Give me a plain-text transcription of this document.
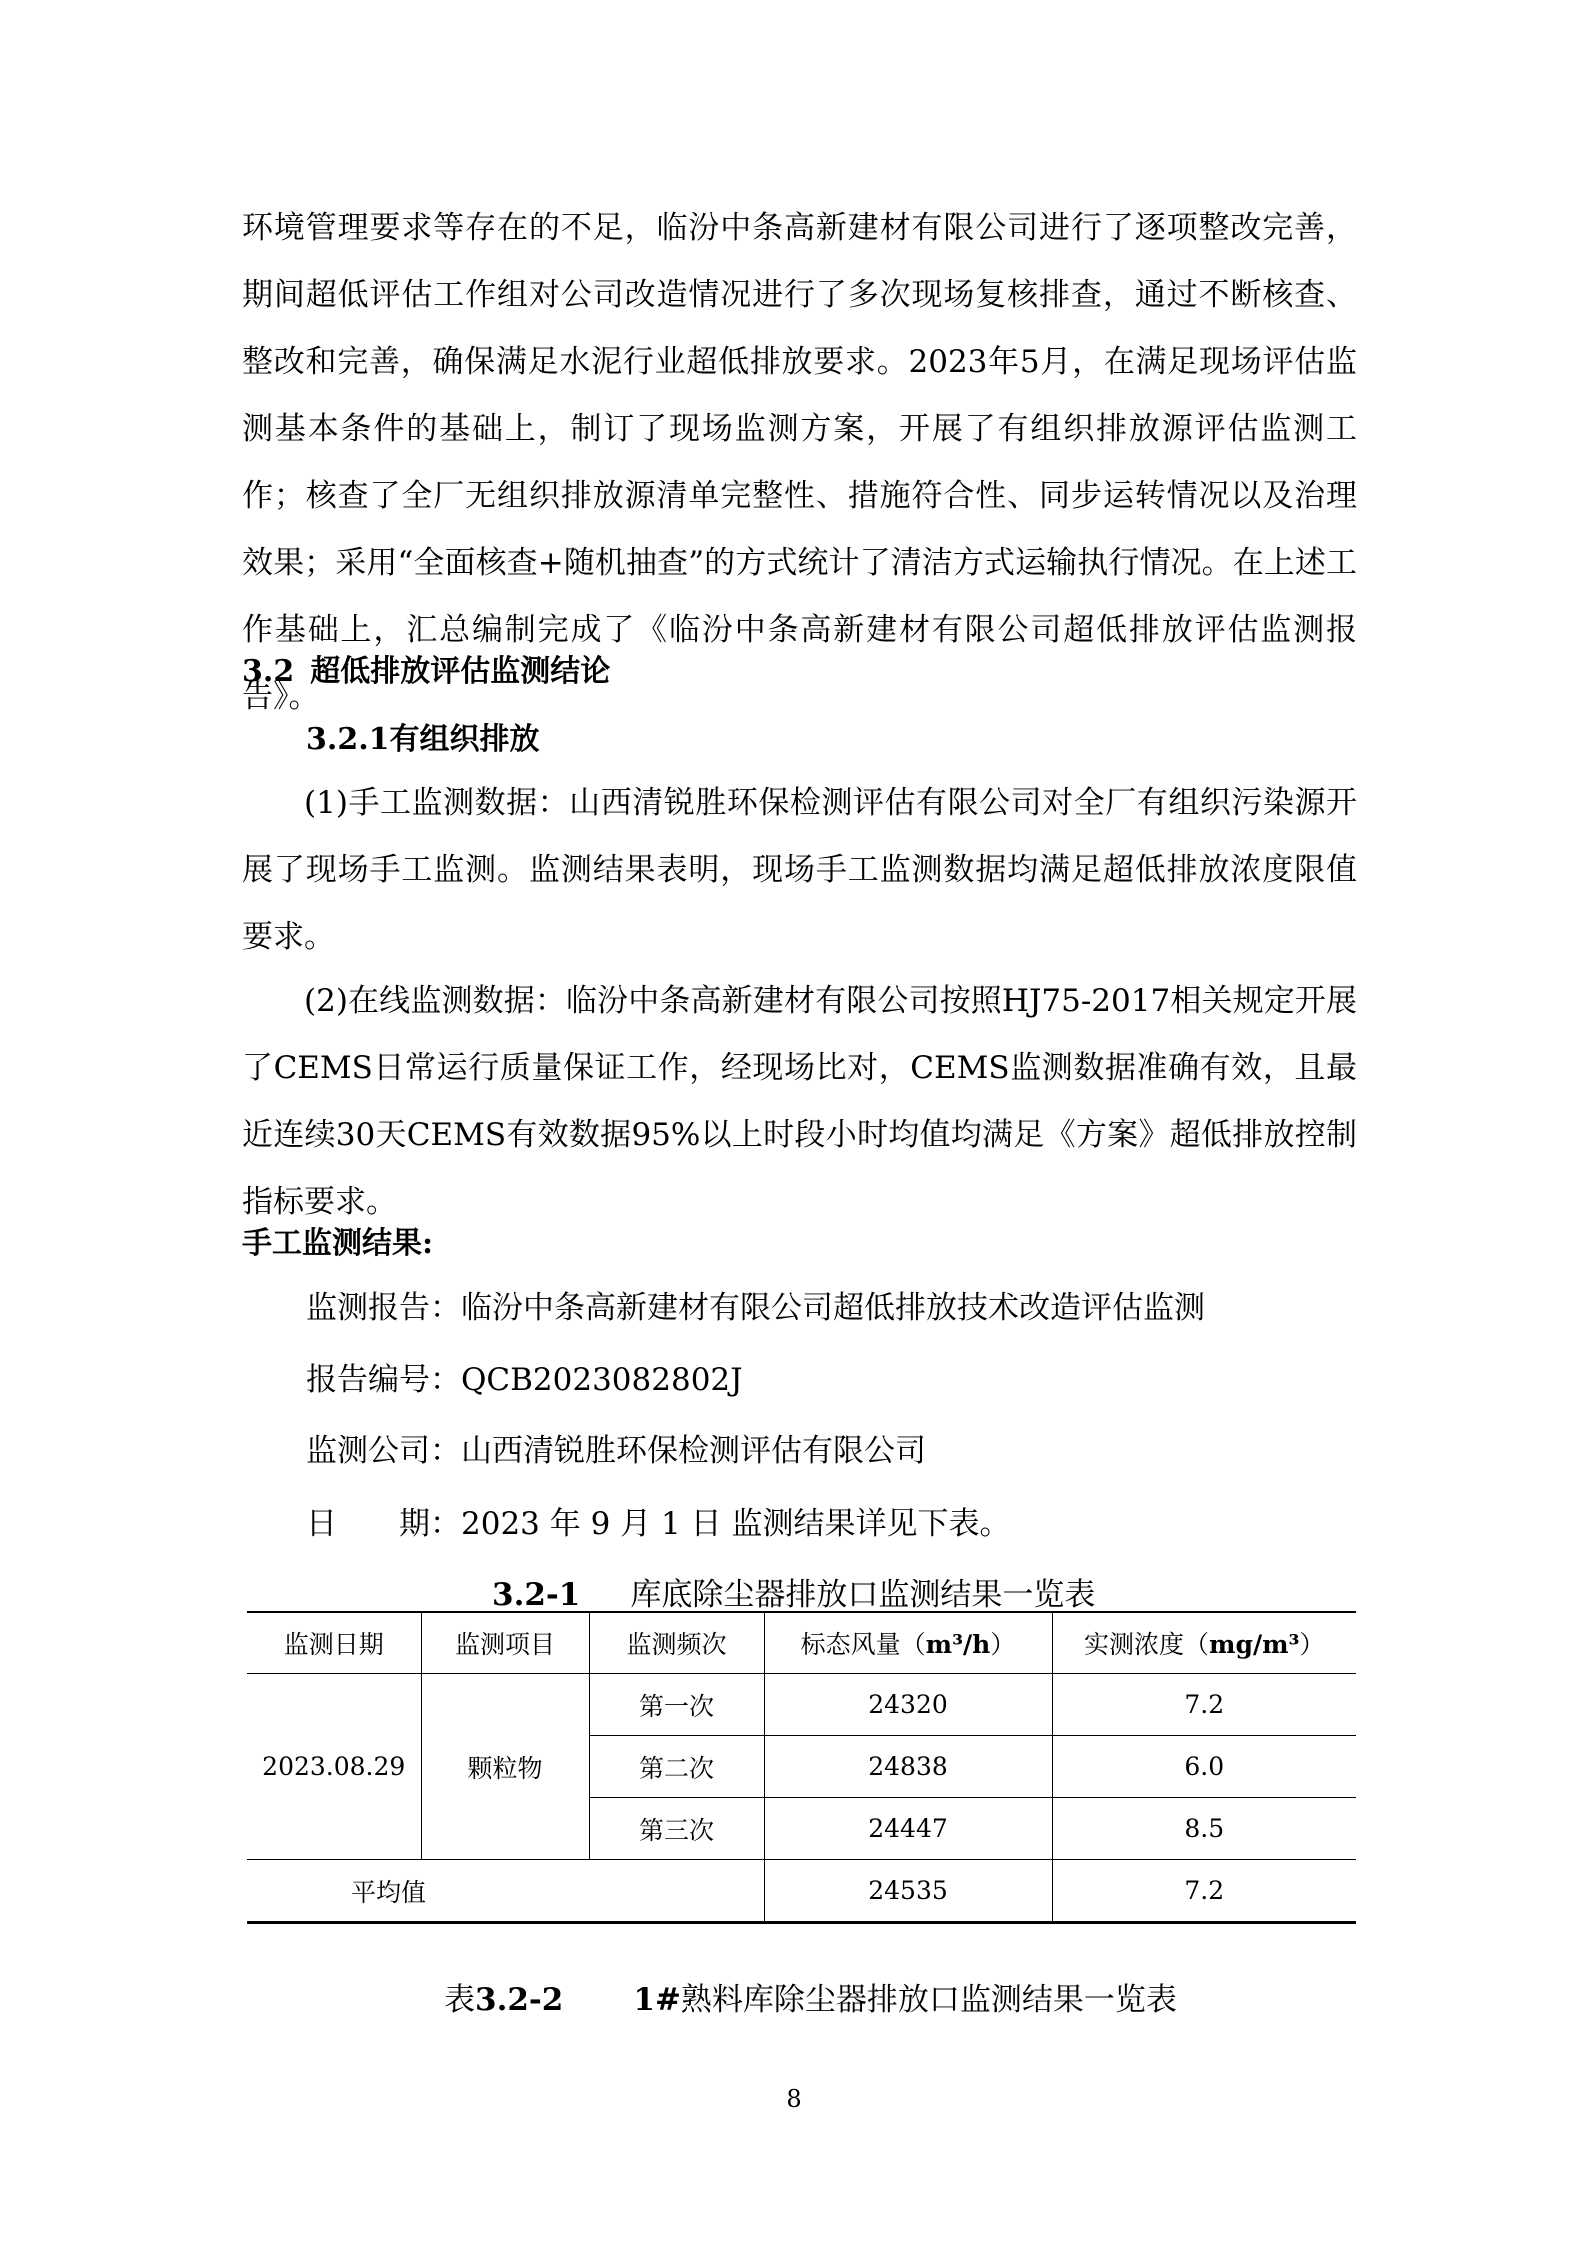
环境管理要求等存在的不足，临汾中条高新建材有限公司进行了逐项整改完善，期间超低评估工作组对公司改造情况进行了多次现场复核排查，通过不断核查、整改和完善，确保满足水泥行业超低排放要求。2023年5月，在满足现场评估监测基本条件的基础上，制订了现场监测方案，开展了有组织排放源评估监测工作；核查了全厂无组织排放源清单完整性、措施符合性、同步运转情况以及治理效果；采用“全面核查+随机抽查”的方式统计了清洁方式运输执行情况。在上述工作基础上，汇总编制完成了《临汾中条高新建材有限公司超低排放评估监测报告》。

3.2 超低排放评估监测结论

3.2.1有组织排放

(1)手工监测数据：山西清锐胜环保检测评估有限公司对全厂有组织污染源开展了现场手工监测。监测结果表明，现场手工监测数据均满足超低排放浓度限值要求。

(2)在线监测数据：临汾中条高新建材有限公司按照HJ75-2017相关规定开展了CEMS日常运行质量保证工作，经现场比对，CEMS监测数据准确有效，且最近连续30天CEMS有效数据95%以上时段小时均值均满足《方案》超低排放控制指标要求。

手工监测结果:

监测报告：临汾中条高新建材有限公司超低排放技术改造评估监测

报告编号：QCB2023082802J

监测公司：山西清锐胜环保检测评估有限公司

日 期：2023 年 9 月 1 日 监测结果详见下表。

3.2-1 库底除尘器排放口监测结果一览表

监测日期	监测项目	监测频次	标态风量（m³/h）	实测浓度（mg/m³）
2023.08.29	颗粒物	第一次	24320	7.2
		第二次	24838	6.0
		第三次	24447	8.5
平均值			24535	7.2

表3.2-2 1#熟料库除尘器排放口监测结果一览表

8
